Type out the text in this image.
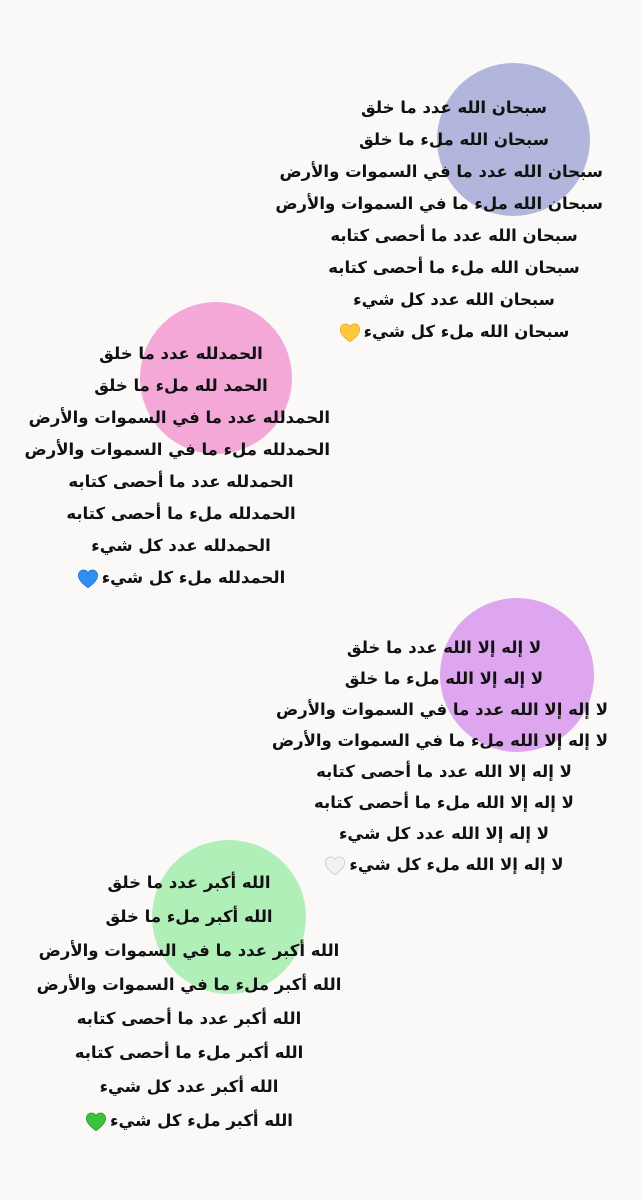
سبحان الله عدد ما خلق
سبحان الله ملء ما خلق
سبحان الله عدد ما في السموات والأرض
سبحان الله ملء ما في السموات والأرض
سبحان الله عدد ما أحصى كتابه
سبحان الله ملء ما أحصى كتابه
سبحان الله عدد كل شيء
سبحان الله ملء كل شيء
الحمدلله عدد ما خلق
الحمد لله ملء ما خلق
الحمدلله عدد ما في السموات والأرض
الحمدلله ملء ما في السموات والأرض
الحمدلله عدد ما أحصى كتابه
الحمدلله ملء ما أحصى كتابه
الحمدلله عدد كل شيء
الحمدلله ملء كل شيء
لا إله إلا الله عدد ما خلق
لا إله إلا الله ملء ما خلق
لا إله إلا الله عدد ما في السموات والأرض
لا إله إلا الله ملء ما في السموات والأرض
لا إله إلا الله عدد ما أحصى كتابه
لا إله إلا الله ملء ما أحصى كتابه
لا إله إلا الله عدد كل شيء
لا إله إلا الله ملء كل شيء
الله أكبر عدد ما خلق
الله أكبر ملء ما خلق
الله أكبر عدد ما في السموات والأرض
الله أكبر ملء ما في السموات والأرض
الله أكبر عدد ما أحصى كتابه
الله أكبر ملء ما أحصى كتابه
الله أكبر عدد كل شيء
الله أكبر ملء كل شيء
